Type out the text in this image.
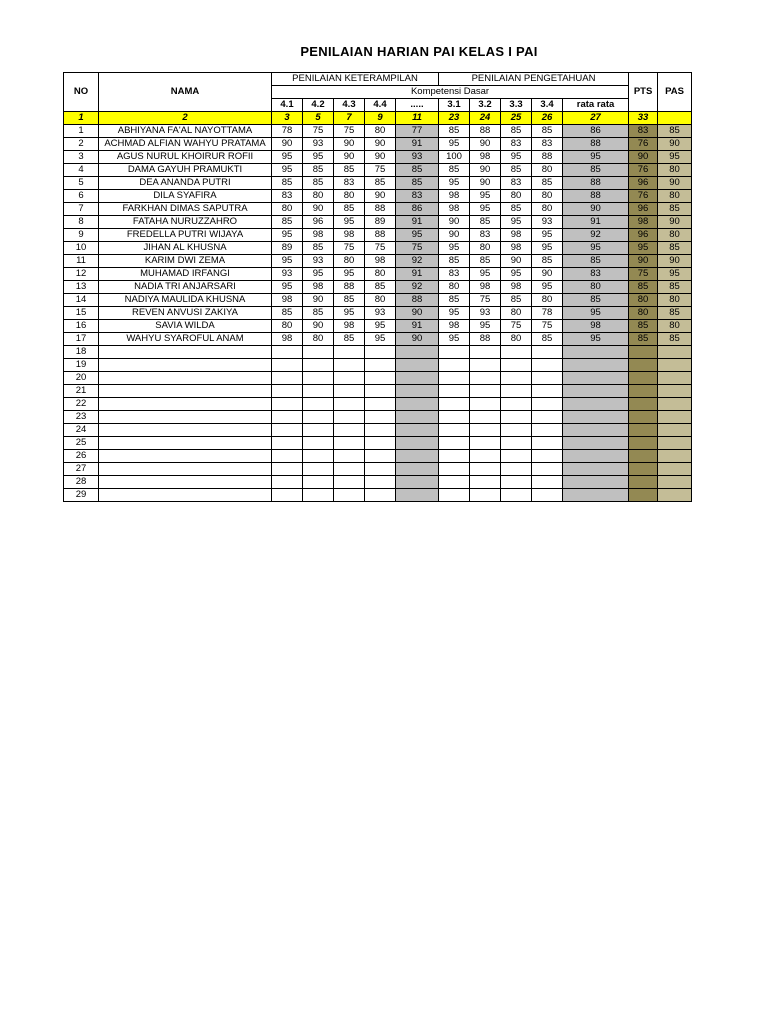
PENILAIAN HARIAN PAI KELAS I PAI
NO	NAMA	PENILAIAN KETERAMPILAN					PENILAIAN PENGETAHUAN					PTS	PAS
		Kompetensi Dasar											
		4.1	4.2	4.3	4.4	.....	3.1	3.2	3.3	3.4	rata rata		
1	2	3	5	7	9	11	23	24	25	26	27	33	
1	ABHIYANA FA'AL NAYOTTAMA	78	75	75	80	77	85	88	85	85	86	83	85
2	ACHMAD ALFIAN WAHYU PRATAMA	90	93	90	90	91	95	90	83	83	88	76	90
3	AGUS NURUL KHOIRUR ROFII	95	95	90	90	93	100	98	95	88	95	90	95
4	DAMA GAYUH PRAMUKTI	95	85	85	75	85	85	90	85	80	85	76	80
5	DEA ANANDA PUTRI	85	85	83	85	85	95	90	83	85	88	96	90
6	DILA SYAFIRA	83	80	80	90	83	98	95	80	80	88	76	80
7	FARKHAN DIMAS SAPUTRA	80	90	85	88	86	98	95	85	80	90	96	85
8	FATAHA NURUZZAHRO	85	96	95	89	91	90	85	95	93	91	98	90
9	FREDELLA PUTRI WIJAYA	95	98	98	88	95	90	83	98	95	92	96	80
10	JIHAN AL KHUSNA	89	85	75	75	75	95	80	98	95	95	95	85
11	KARIM DWI ZEMA	95	93	80	98	92	85	85	90	85	85	90	90
12	MUHAMAD IRFANGI	93	95	95	80	91	83	95	95	90	83	75	95
13	NADIA TRI ANJARSARI	95	98	88	85	92	80	98	98	95	80	85	85
14	NADIYA MAULIDA KHUSNA	98	90	85	80	88	85	75	85	80	85	80	80
15	REVEN ANVUSI ZAKIYA	85	85	95	93	90	95	93	80	78	95	80	85
16	SAVIA WILDA	80	90	98	95	91	98	95	75	75	98	85	80
17	WAHYU SYAROFUL ANAM	98	80	85	95	90	95	88	80	85	95	85	85
18													
19													
20													
21													
22													
23													
24													
25													
26													
27													
28													
29													
